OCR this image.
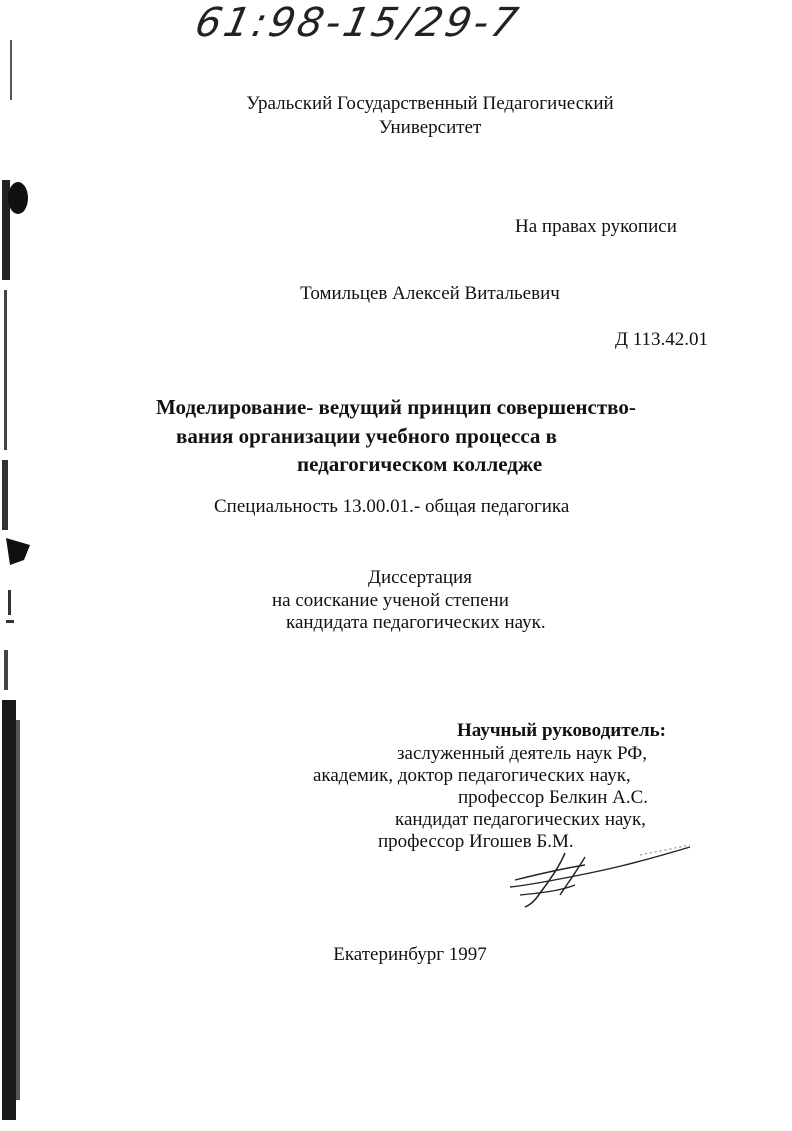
61:98-15/29-7
Уральский Государственный Педагогический
Университет
На правах рукописи
Томильцев Алексей Витальевич
Д 113.42.01
Моделирование- ведущий принцип совершенство-
вания организации учебного процесса в
педагогическом колледже
Специальность 13.00.01.- общая педагогика
Диссертация
на соискание ученой степени
кандидата педагогических наук.
Научный руководитель:
заслуженный деятель наук РФ,
академик, доктор педагогических наук,
профессор Белкин А.С.
кандидат педагогических наук,
профессор Игошев Б.М.
Екатеринбург 1997
